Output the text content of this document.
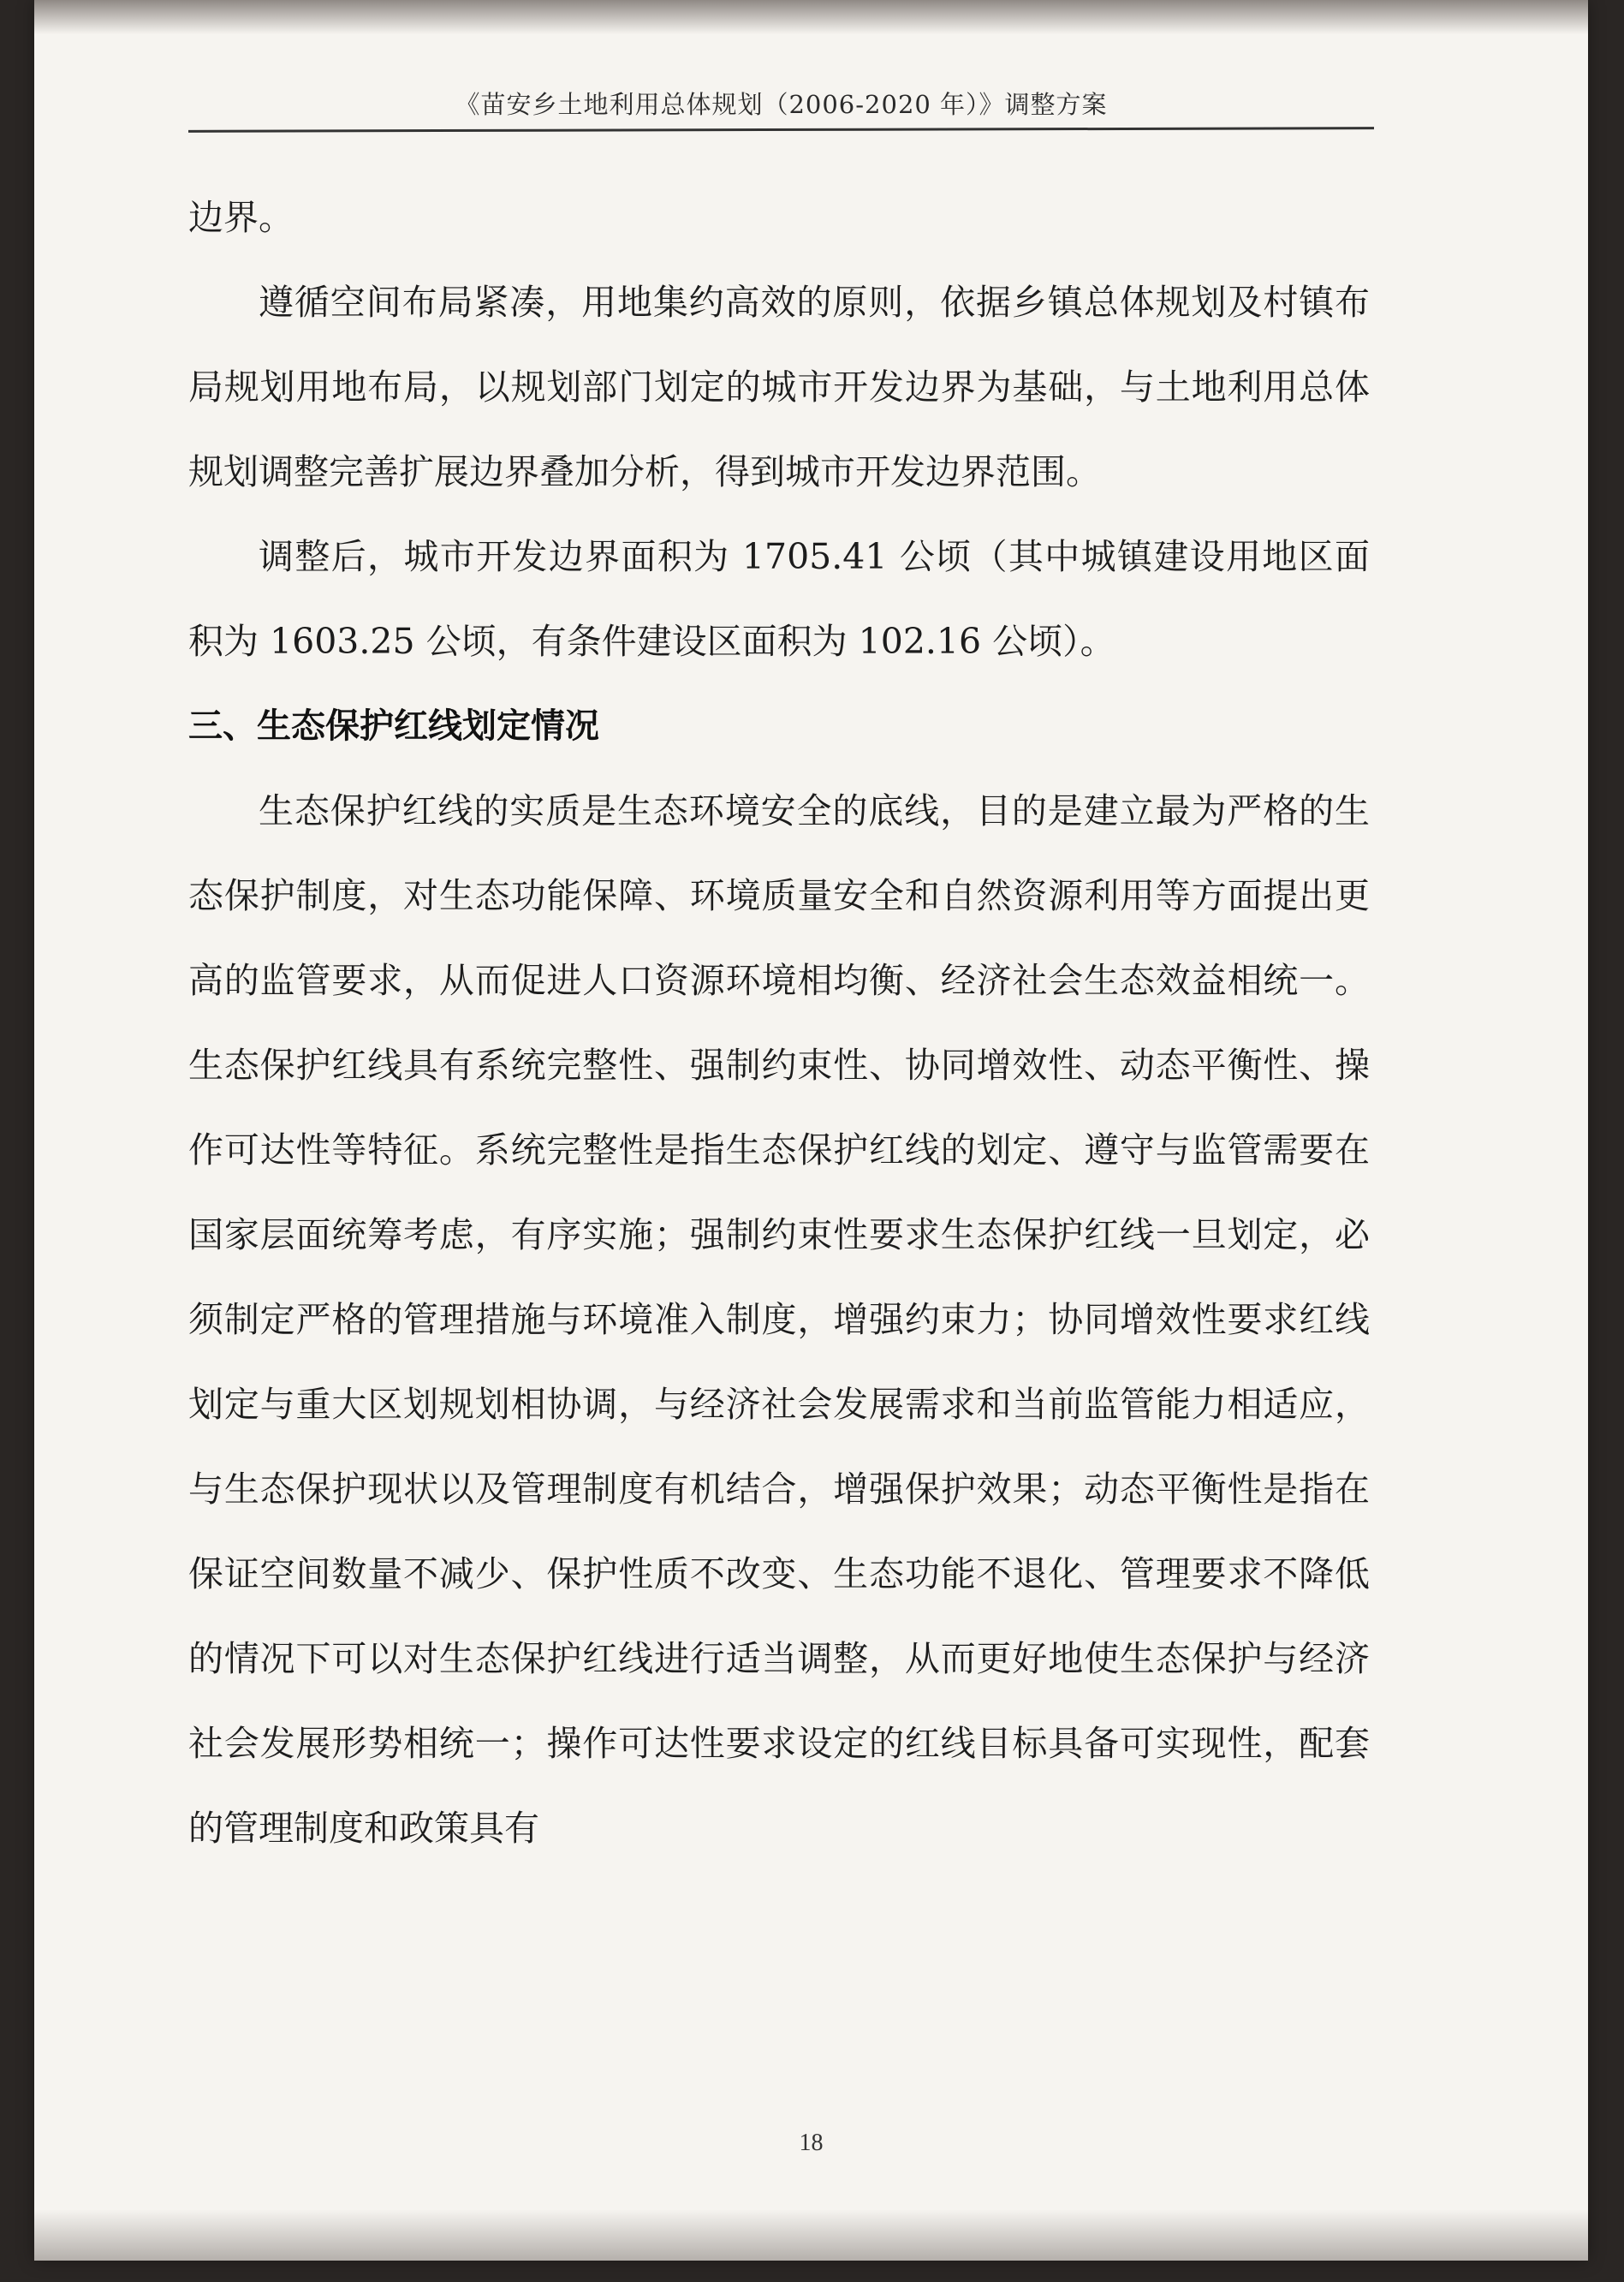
《苗安乡土地利用总体规划（2006-2020 年）》调整方案

边界。

遵循空间布局紧凑，用地集约高效的原则，依据乡镇总体规划及村镇布局规划用地布局，以规划部门划定的城市开发边界为基础，与土地利用总体规划调整完善扩展边界叠加分析，得到城市开发边界范围。

调整后，城市开发边界面积为 1705.41 公顷（其中城镇建设用地区面积为 1603.25 公顷，有条件建设区面积为 102.16 公顷）。

三、生态保护红线划定情况

生态保护红线的实质是生态环境安全的底线，目的是建立最为严格的生态保护制度，对生态功能保障、环境质量安全和自然资源利用等方面提出更高的监管要求，从而促进人口资源环境相均衡、经济社会生态效益相统一。生态保护红线具有系统完整性、强制约束性、协同增效性、动态平衡性、操作可达性等特征。系统完整性是指生态保护红线的划定、遵守与监管需要在国家层面统筹考虑，有序实施；强制约束性要求生态保护红线一旦划定，必须制定严格的管理措施与环境准入制度，增强约束力；协同增效性要求红线划定与重大区划规划相协调，与经济社会发展需求和当前监管能力相适应，与生态保护现状以及管理制度有机结合，增强保护效果；动态平衡性是指在保证空间数量不减少、保护性质不改变、生态功能不退化、管理要求不降低的情况下可以对生态保护红线进行适当调整，从而更好地使生态保护与经济社会发展形势相统一；操作可达性要求设定的红线目标具备可实现性，配套的管理制度和政策具有

18
